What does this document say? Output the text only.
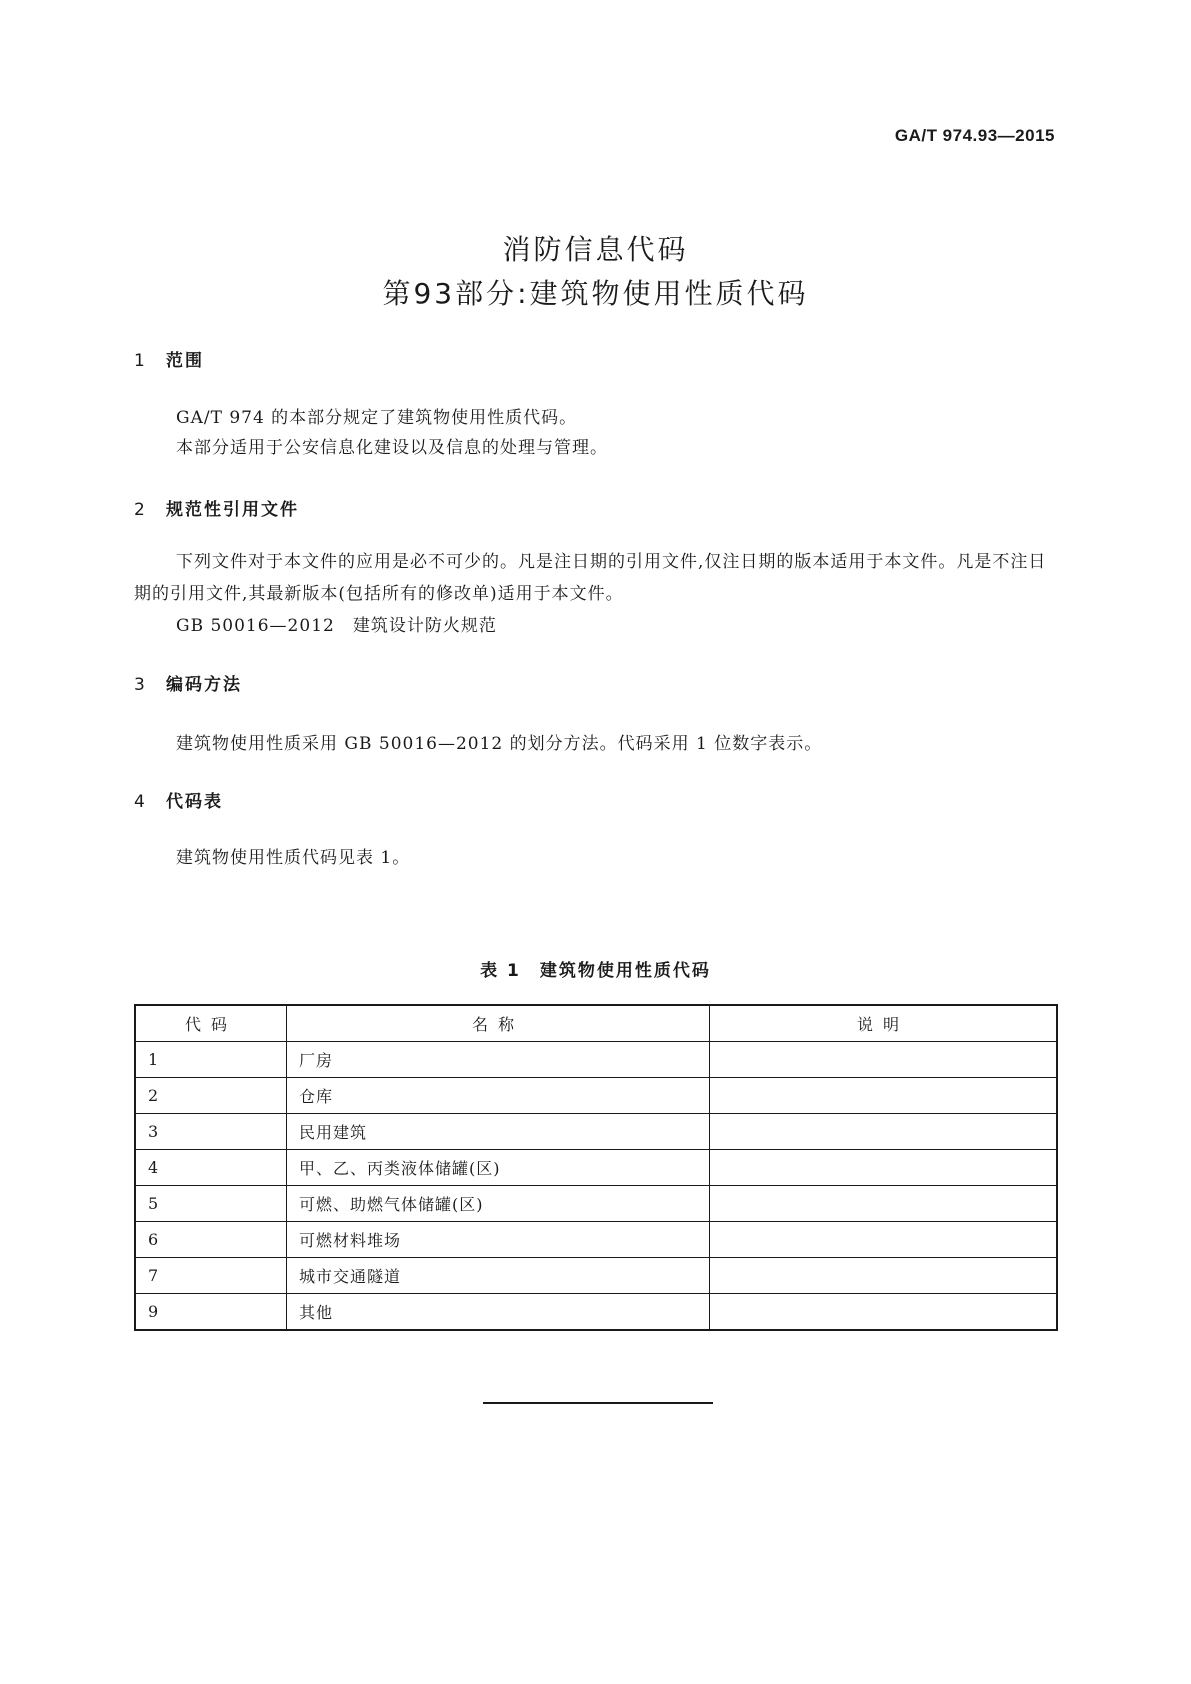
GA/T 974.93—2015
消防信息代码
第93部分:建筑物使用性质代码
1 范围
GA/T 974 的本部分规定了建筑物使用性质代码。
本部分适用于公安信息化建设以及信息的处理与管理。
2 规范性引用文件
下列文件对于本文件的应用是必不可少的。凡是注日期的引用文件,仅注日期的版本适用于本文件。凡是不注日期的引用文件,其最新版本(包括所有的修改单)适用于本文件。
GB 50016—2012　建筑设计防火规范
3 编码方法
建筑物使用性质采用 GB 50016—2012 的划分方法。代码采用 1 位数字表示。
4 代码表
建筑物使用性质代码见表 1。
表 1　建筑物使用性质代码
代码	名称	说明
1	厂房	
2	仓库	
3	民用建筑	
4	甲、乙、丙类液体储罐(区)	
5	可燃、助燃气体储罐(区)	
6	可燃材料堆场	
7	城市交通隧道	
9	其他	
